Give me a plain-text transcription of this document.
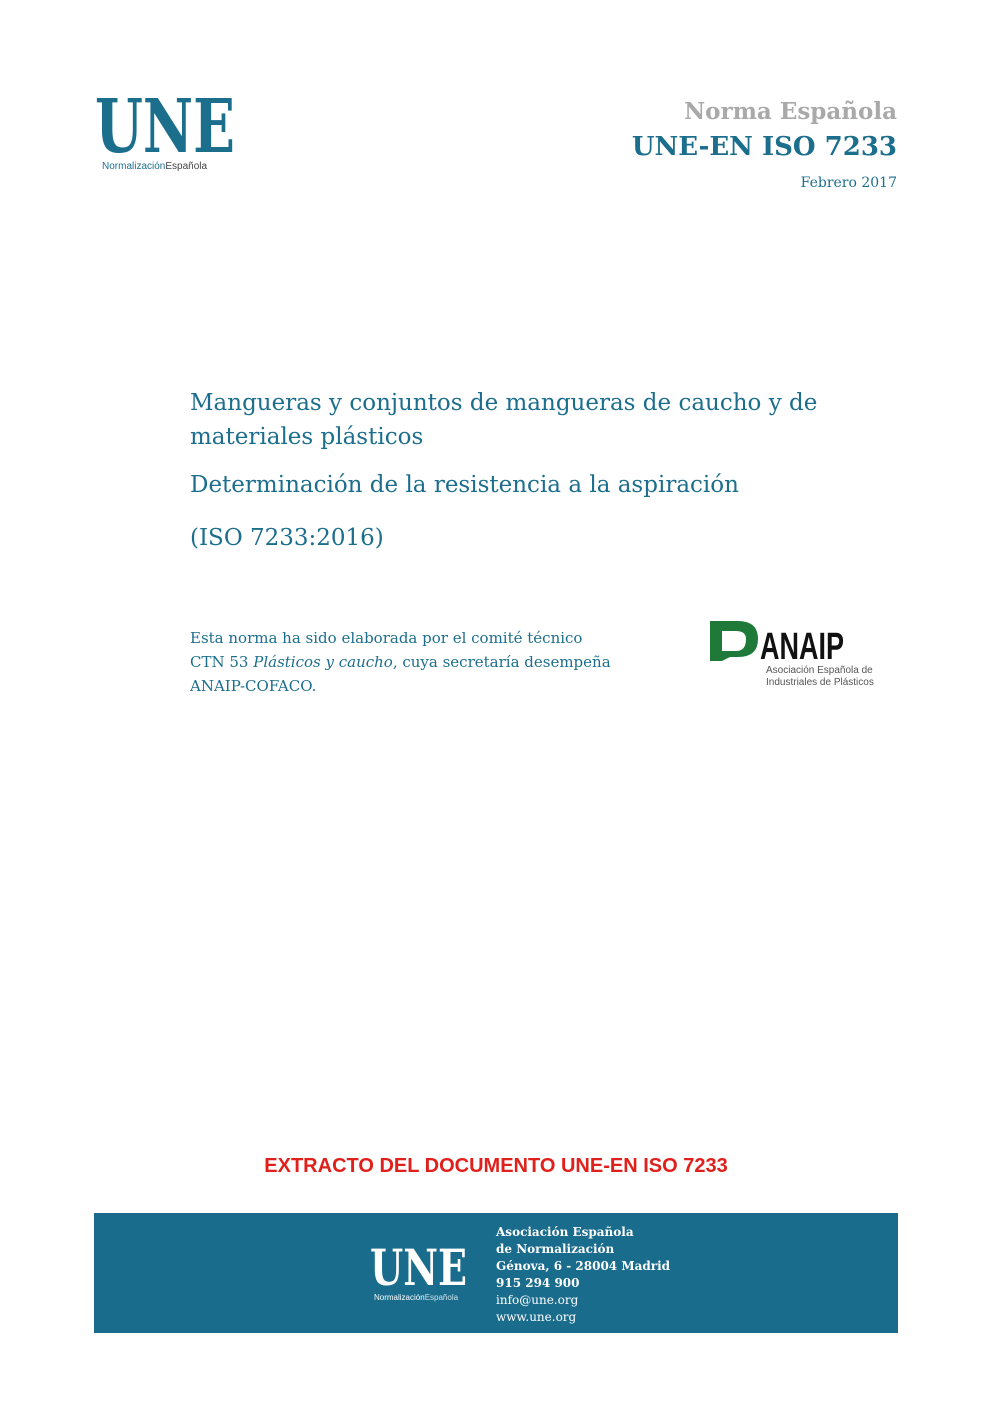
UNE
NormalizaciónEspañola
Norma Española
UNE-EN ISO 7233
Febrero 2017
Mangueras y conjuntos de mangueras de caucho y de materiales plásticos
Determinación de la resistencia a la aspiración
(ISO 7233:2016)
Esta norma ha sido elaborada por el comité técnico
CTN 53 Plásticos y caucho, cuya secretaría desempeña
ANAIP-COFACO.
ANAIP
Asociación Española de
Industriales de Plásticos
EXTRACTO DEL DOCUMENTO UNE-EN ISO 7233
UNE
NormalizaciónEspañola
Asociación Española
de Normalización
Génova, 6 - 28004 Madrid
915 294 900
info@une.org
www.une.org
